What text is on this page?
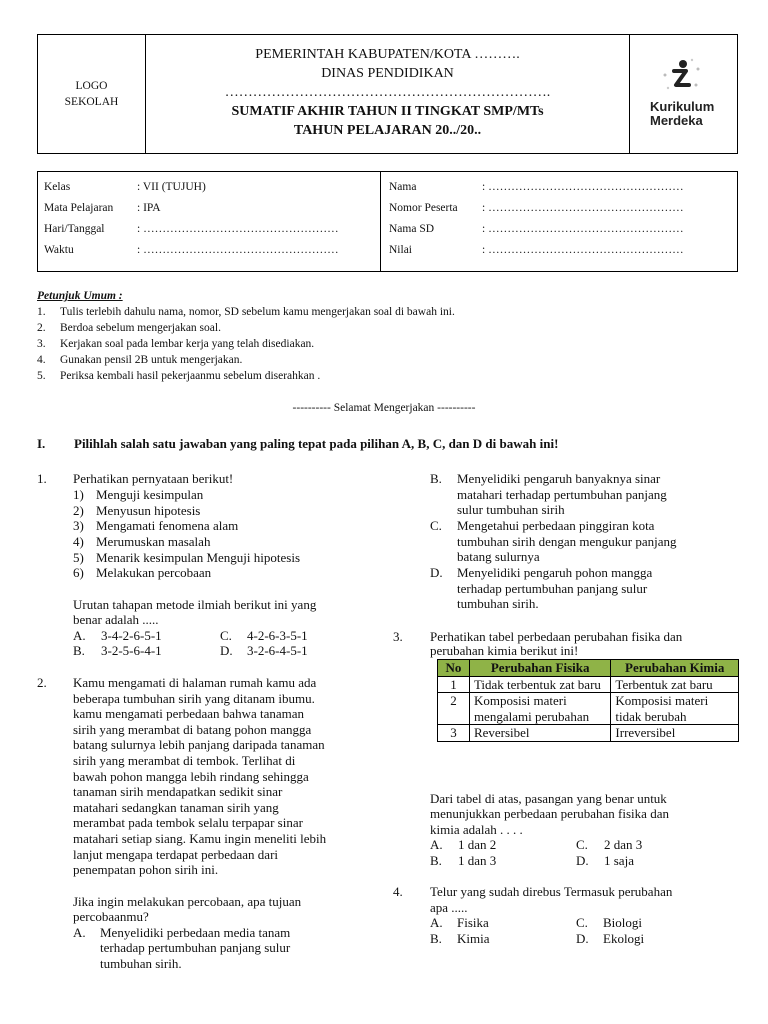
LOGO
SEKOLAH
PEMERINTAH KABUPATEN/KOTA ……….
DINAS PENDIDIKAN
…………………………………………………………….
SUMATIF AKHIR TAHUN II TINGKAT SMP/MTs
TAHUN PELAJARAN 20../20..
Kurikulum
Merdeka
Kelas	: VII (TUJUH)
Mata Pelajaran : IPA
Hari/Tanggal	: ……………………………………………
Waktu	: ……………………………………………
Nama	: ……………………………………………
Nomor Peserta : ……………………………………………
Nama SD	: ……………………………………………
Nilai	: ……………………………………………
Petunjuk Umum :
1. Tulis terlebih dahulu nama, nomor, SD sebelum kamu mengerjakan soal di bawah ini.
2. Berdoa sebelum mengerjakan soal.
3. Kerjakan soal pada lembar kerja yang telah disediakan.
4. Gunakan pensil 2B untuk mengerjakan.
5. Periksa kembali hasil pekerjaanmu sebelum diserahkan .
---------- Selamat Mengerjakan ----------
I. Pilihlah salah satu jawaban yang paling tepat pada pilihan A, B, C, dan D di bawah ini!
1. Perhatikan pernyataan berikut!
1) Menguji kesimpulan
2) Menyusun hipotesis
3) Mengamati fenomena alam
4) Merumuskan masalah
5) Menarik kesimpulan Menguji hipotesis
6) Melakukan percobaan
Urutan tahapan metode ilmiah berikut ini yang
benar adalah .....
A. 3-4-2-6-5-1	C. 4-2-6-3-5-1
B. 3-2-5-6-4-1	D. 3-2-6-4-5-1
2. Kamu mengamati di halaman rumah kamu ada
beberapa tumbuhan sirih yang ditanam ibumu.
kamu mengamati perbedaan bahwa tanaman
sirih yang merambat di batang pohon mangga
batang sulurnya lebih panjang daripada tanaman
sirih yang merambat di tembok. Terlihat di
bawah pohon mangga lebih rindang sehingga
tanaman sirih mendapatkan sedikit sinar
matahari sedangkan tanaman sirih yang
merambat pada tembok selalu terpapar sinar
matahari setiap siang. Kamu ingin meneliti lebih
lanjut mengapa terdapat perbedaan dari
penempatan pohon sirih ini.
Jika ingin melakukan percobaan, apa tujuan
percobaanmu?
A. Menyelidiki perbedaan media tanam
terhadap pertumbuhan panjang sulur
tumbuhan sirih.
B. Menyelidiki pengaruh banyaknya sinar
matahari terhadap pertumbuhan panjang
sulur tumbuhan sirih
C. Mengetahui perbedaan pinggiran kota
tumbuhan sirih dengan mengukur panjang
batang sulurnya
D. Menyelidiki pengaruh pohon mangga
terhadap pertumbuhan panjang sulur
tumbuhan sirih.
3. Perhatikan tabel perbedaan perubahan fisika dan
perubahan kimia berikut ini!
No	Perubahan Fisika	Perubahan Kimia
1	Tidak terbentuk zat baru	Terbentuk zat baru
2	Komposisi materi mengalami perubahan	Komposisi materi tidak berubah
3	Reversibel	Irreversibel
Dari tabel di atas, pasangan yang benar untuk
menunjukkan perbedaan perubahan fisika dan
kimia adalah . . . .
A. 1 dan 2	C. 2 dan 3
B. 1 dan 3	D. 1 saja
4. Telur yang sudah direbus Termasuk perubahan
apa .....
A. Fisika	C. Biologi
B. Kimia	D. Ekologi
